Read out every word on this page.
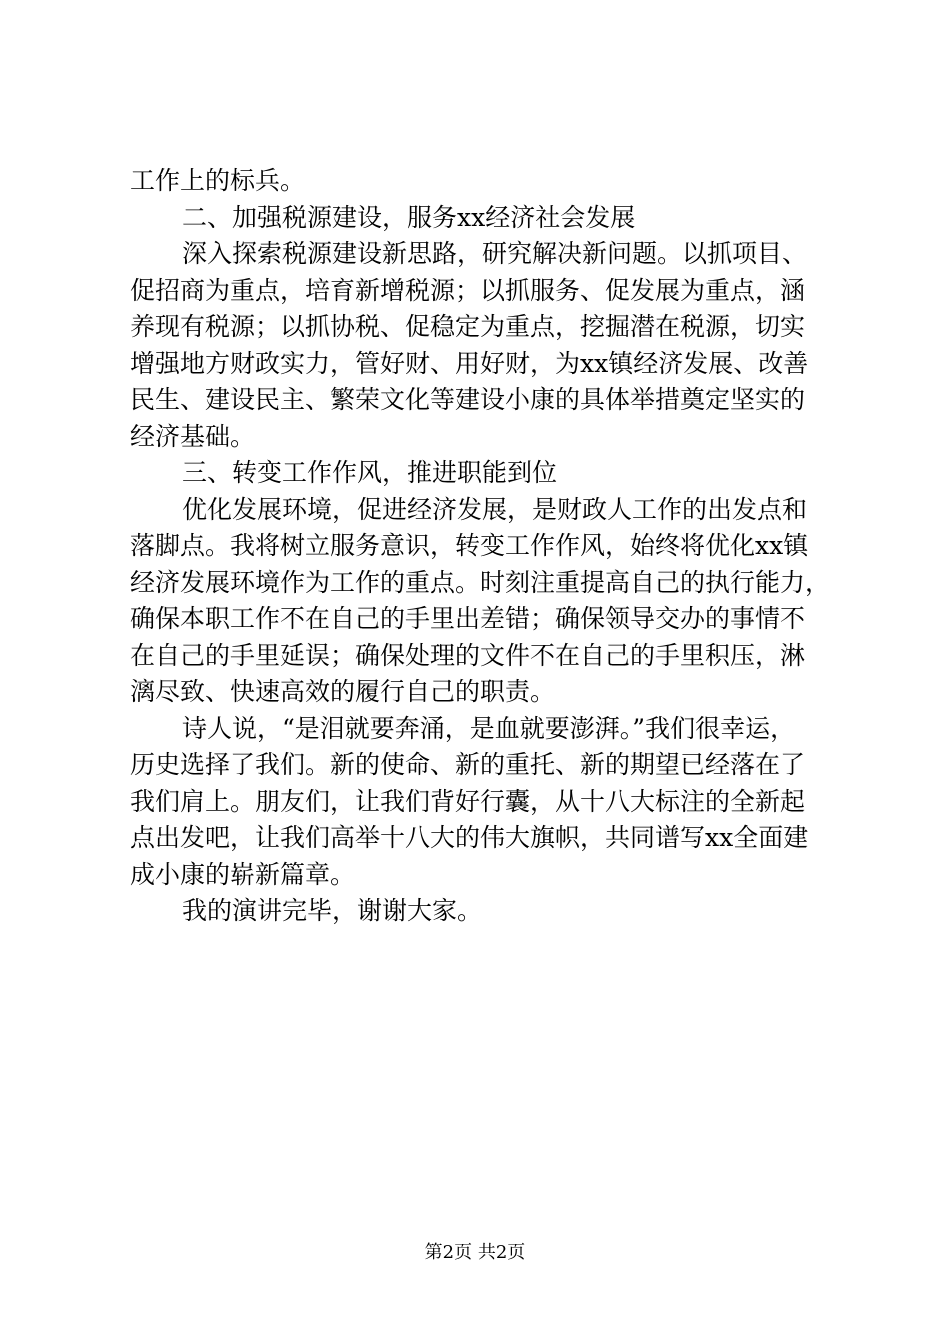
工作上的标兵。

二、加强税源建设，服务xx经济社会发展

深入探索税源建设新思路，研究解决新问题。以抓项目、
促招商为重点，培育新增税源；以抓服务、促发展为重点，涵
养现有税源；以抓协税、促稳定为重点，挖掘潜在税源，切实
增强地方财政实力，管好财、用好财，为xx镇经济发展、改善
民生、建设民主、繁荣文化等建设小康的具体举措奠定坚实的
经济基础。

三、转变工作作风，推进职能到位

优化发展环境，促进经济发展，是财政人工作的出发点和
落脚点。我将树立服务意识，转变工作作风，始终将优化xx镇
经济发展环境作为工作的重点。时刻注重提高自己的执行能力，
确保本职工作不在自己的手里出差错；确保领导交办的事情不
在自己的手里延误；确保处理的文件不在自己的手里积压，淋
漓尽致、快速高效的履行自己的职责。

诗人说，“是泪就要奔涌，是血就要澎湃。”我们很幸运，
历史选择了我们。新的使命、新的重托、新的期望已经落在了
我们肩上。朋友们，让我们背好行囊，从十八大标注的全新起
点出发吧，让我们高举十八大的伟大旗帜，共同谱写xx全面建
成小康的崭新篇章。

我的演讲完毕，谢谢大家。

第2页 共2页
